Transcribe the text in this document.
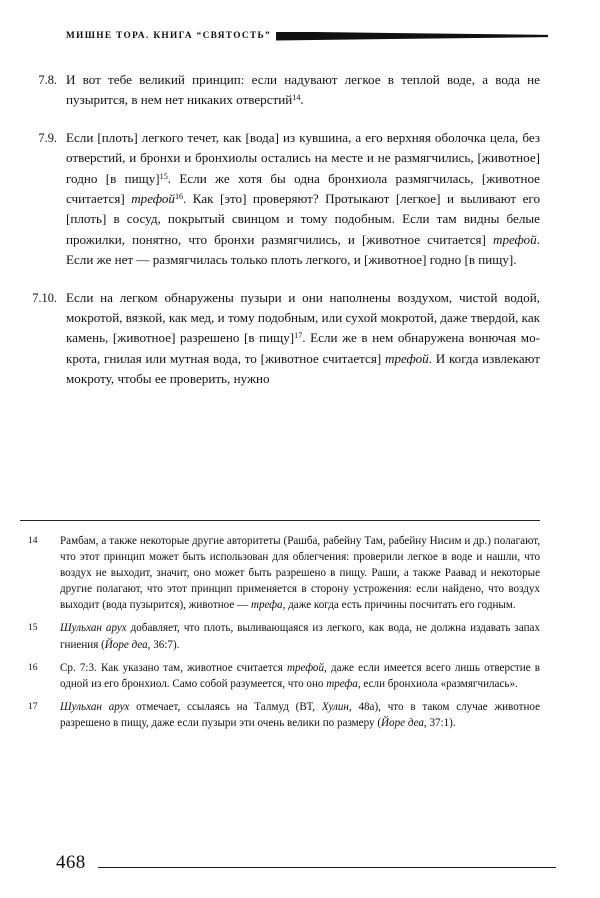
МИШНЕ ТОРА. КНИГА “СВЯТОСТЬ”
7.8. И вот тебе великий принцип: если надувают легкое в теплой воде, а вода не пузырится, в нем нет никаких отверстий$^{14}$.
7.9. Если [плоть] легкого течет, как [вода] из кувшина, а его верхняя оболочка цела, без отверстий, и бронхи и бронхиолы остались на месте и не размягчились, [животное] годно [в пищу]$^{15}$. Если же хотя бы одна бронхиола размягчилась, [животное считается] трефой$^{16}$. Как [это] проверяют? Протыкают [легкое] и выливают его [плоть] в сосуд, покрытый свинцом и тому подобным. Если там видны белые прожилки, понятно, что бронхи размягчились, и [животное считается] трефой. Если же нет — размягчилась только плоть легкого, и [животное] годно [в пищу].
7.10. Если на легком обнаружены пузыри и они наполнены воздухом, чистой водой, мокротой, вязкой, как мед, и тому подобным, или сухой мокротой, даже твердой, как камень, [животное] разрешено [в пищу]$^{17}$. Если же в нем обнаружена вонючая мокрота, гнилая или мутная вода, то [животное считается] трефой. И когда извлекают мокроту, чтобы ее проверить, нужно
14	Рамбам, а также некоторые другие авторитеты (Рашба, рабейну Там, рабейну Нисим и др.) полагают, что этот принцип может быть использован для облегчения: проверили легкое в воде и нашли, что воздух не выходит, значит, оно может быть разрешено в пищу. Раши, а также Раавад и некоторые другие полагают, что этот принцип применяется в сторону устрожения: если найдено, что воздух выходит (вода пузырится), животное — трефа, даже когда есть причины посчитать его годным.
15	Шульхан арух добавляет, что плоть, выливающаяся из легкого, как вода, не должна издавать запах гниения (Йоре деа, 36:7).
16	Ср. 7:3. Как указано там, животное считается трефой, даже если имеется всего лишь отверстие в одной из его бронхиол. Само собой разумеется, что оно трефа, если бронхиола «размягчилась».
17	Шульхан арух отмечает, ссылаясь на Талмуд (ВТ, Хулин, 48а), что в таком случае животное разрешено в пищу, даже если пузыри эти очень велики по размеру (Йоре деа, 37:1).
468
